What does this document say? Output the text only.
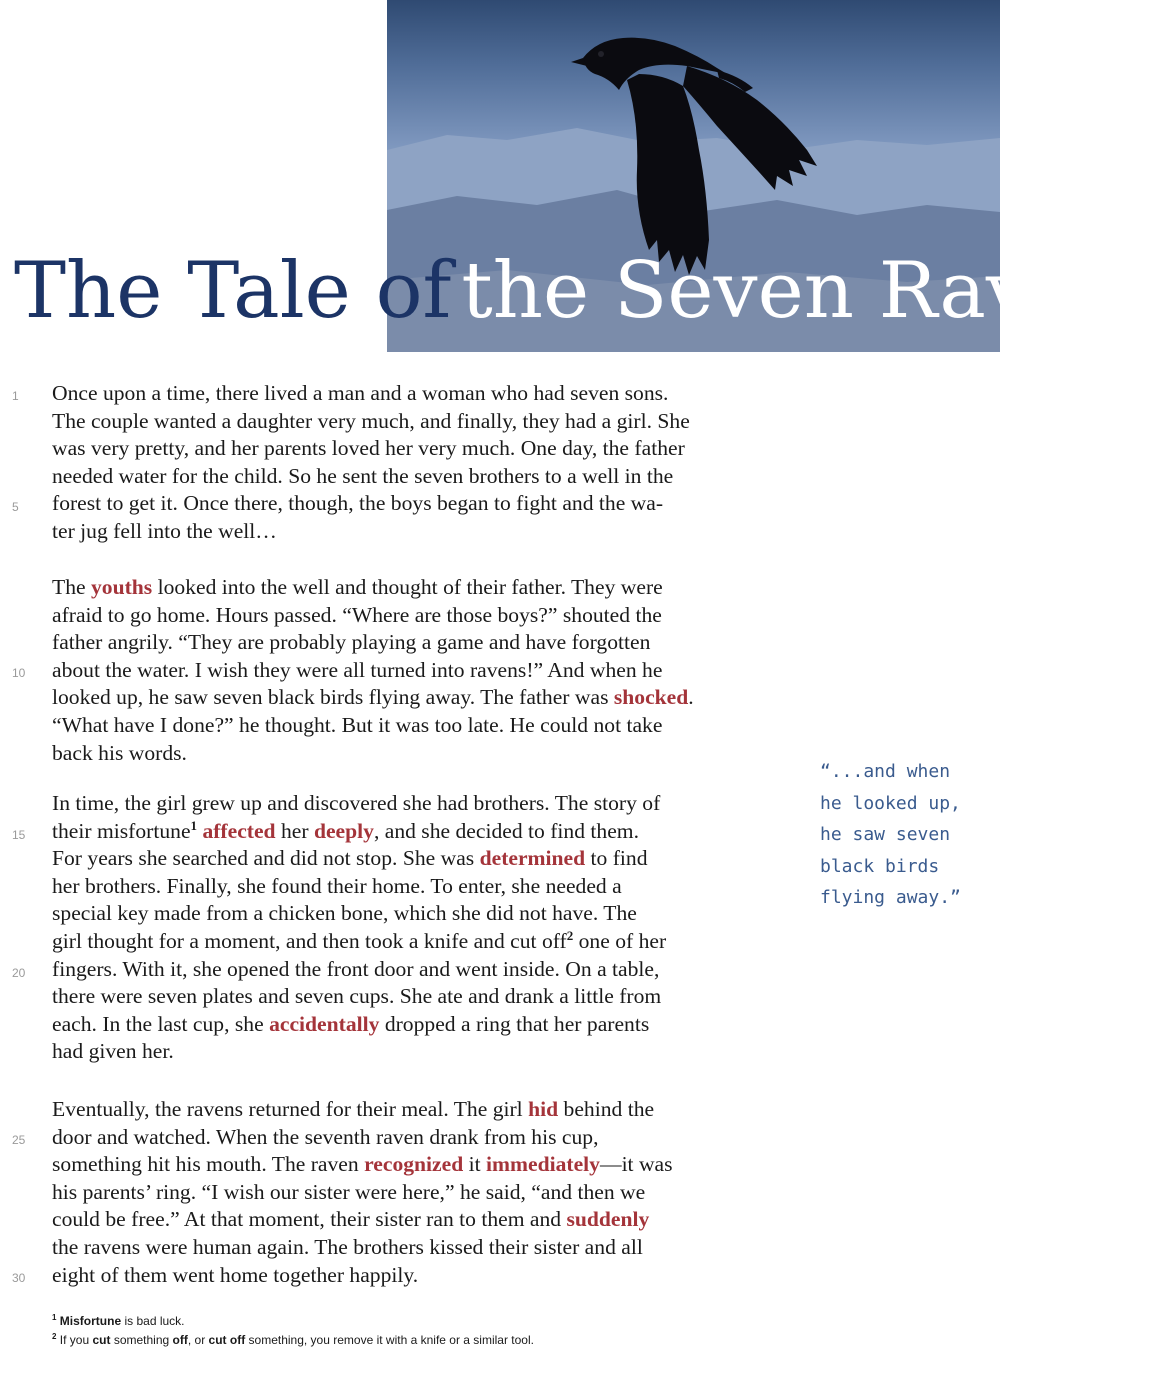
The Tale of the Seven Ravens
1
5
10
15
20
25
30
Once upon a time, there lived a man and a woman who had seven sons.
The couple wanted a daughter very much, and finally, they had a girl. She
was very pretty, and her parents loved her very much. One day, the father
needed water for the child. So he sent the seven brothers to a well in the
forest to get it. Once there, though, the boys began to fight and the wa-
ter jug fell into the well…
The youths looked into the well and thought of their father. They were
afraid to go home. Hours passed. “Where are those boys?” shouted the
father angrily. “They are probably playing a game and have forgotten
about the water. I wish they were all turned into ravens!” And when he
looked up, he saw seven black birds flying away. The father was shocked.
“What have I done?” he thought. But it was too late. He could not take
back his words.
In time, the girl grew up and discovered she had brothers. The story of
their misfortune$^1$ affected her deeply, and she decided to find them.
For years she searched and did not stop. She was determined to find
her brothers. Finally, she found their home. To enter, she needed a
special key made from a chicken bone, which she did not have. The
girl thought for a moment, and then took a knife and cut off$^2$ one of her
fingers. With it, she opened the front door and went inside. On a table,
there were seven plates and seven cups. She ate and drank a little from
each. In the last cup, she accidentally dropped a ring that her parents
had given her.
Eventually, the ravens returned for their meal. The girl hid behind the
door and watched. When the seventh raven drank from his cup,
something hit his mouth. The raven recognized it immediately—it was
his parents’ ring. “I wish our sister were here,” he said, “and then we
could be free.” At that moment, their sister ran to them and suddenly
the ravens were human again. The brothers kissed their sister and all
eight of them went home together happily.
“...and when
he looked up,
he saw seven
black birds
flying away.”
$^1$ Misfortune is bad luck.
$^2$ If you cut something off, or cut off something, you remove it with a knife or a similar tool.
